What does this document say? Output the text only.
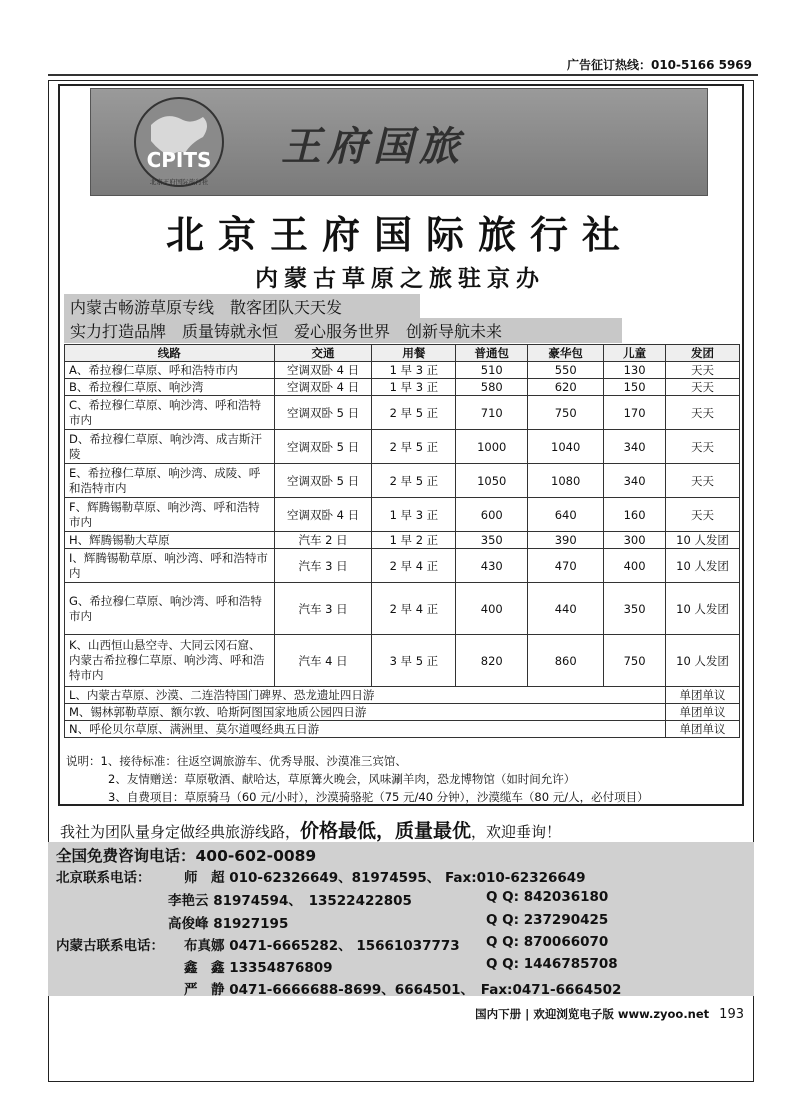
广告征订热线：010-5166 5969
CPITS
北京王府国际旅行社
王府国旅
北京王府国际旅行社
内蒙古草原之旅驻京办
内蒙古畅游草原专线　散客团队天天发
实力打造品牌　质量铸就永恒　爱心服务世界　创新导航未来
线路	交通	用餐	普通包	豪华包	儿童	发团
A、希拉穆仁草原、呼和浩特市内	空调双卧 4 日	1 早 3 正	510	550	130	天天
B、希拉穆仁草原、响沙湾	空调双卧 4 日	1 早 3 正	580	620	150	天天
C、希拉穆仁草原、响沙湾、呼和浩特市内	空调双卧 5 日	2 早 5 正	710	750	170	天天
D、希拉穆仁草原、响沙湾、成吉斯汗陵	空调双卧 5 日	2 早 5 正	1000	1040	340	天天
E、希拉穆仁草原、响沙湾、成陵、呼和浩特市内	空调双卧 5 日	2 早 5 正	1050	1080	340	天天
F、辉腾锡勒草原、响沙湾、呼和浩特市内	空调双卧 4 日	1 早 3 正	600	640	160	天天
H、辉腾锡勒大草原	汽车 2 日	1 早 2 正	350	390	300	10 人发团
I、辉腾锡勒草原、响沙湾、呼和浩特市内	汽车 3 日	2 早 4 正	430	470	400	10 人发团
G、希拉穆仁草原、响沙湾、呼和浩特市内	汽车 3 日	2 早 4 正	400	440	350	10 人发团
K、山西恒山悬空寺、大同云冈石窟、内蒙古希拉穆仁草原、响沙湾、呼和浩特市内	汽车 4 日	3 早 5 正	820	860	750	10 人发团
L、内蒙古草原、沙漠、二连浩特国门碑界、恐龙遗址四日游						单团单议
M、锡林郭勒草原、额尔敦、哈斯阿图国家地质公园四日游						单团单议
N、呼伦贝尔草原、满洲里、莫尔道嘎经典五日游						单团单议
说明：1、接待标准：往返空调旅游车、优秀导服、沙漠准三宾馆、
2、友情赠送：草原敬酒、献哈达，草原篝火晚会，风味涮羊肉，恐龙博物馆（如时间允许）
3、自费项目：草原骑马（60 元/小时），沙漠骑骆驼（75 元/40 分钟），沙漠缆车（80 元/人，必付项目）
我社为团队量身定做经典旅游线路，价格最低，质量最优，欢迎垂询！
全国免费咨询电话：400-602-0089
北京联系电话： 师　超 010-62326649、81974595、 Fax:010-62326649
李艳云 81974594、　13522422805	Q Q: 842036180
高俊峰 81927195	Q Q: 237290425
内蒙古联系电话： 布真娜 0471-6665282、 15661037773 Q Q: 870066070
鑫　鑫 13354876809	Q Q: 1446785708
严　静 0471-6666688-8699、6664501、　Fax:0471-6664502
国内下册 | 欢迎浏览电子版 www.zyoo.net 193
